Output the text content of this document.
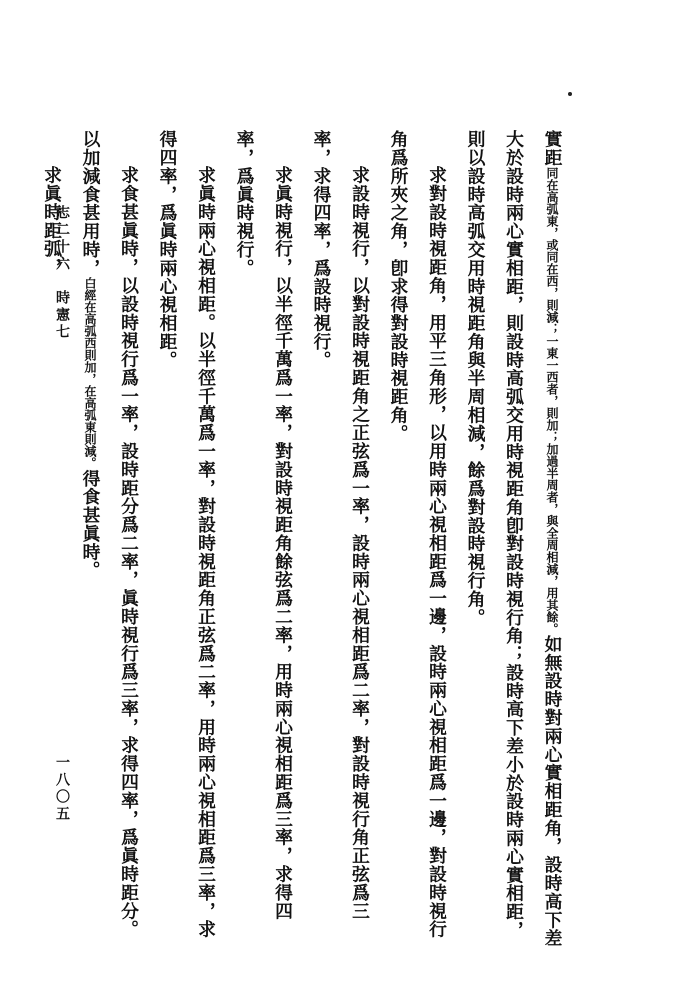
實距同在高弧東，或同在西，則減；一東一西者，則加；加過半周者，與全周相減，用其餘。如無設時對兩心實相距角，設時高下差大於設時兩心實相距，則設時高弧交用時視距角卽對設時視行角；設時高下差小於設時兩心實相距，則以設時高弧交用時視距角與半周相減，餘爲對設時視行角。
求對設時視距角，用平三角形，以用時兩心視相距爲一邊，設時兩心視相距爲一邊，對設時視行角爲所夾之角，卽求得對設時視距角。
求設時視行，以對設時視距角之正弦爲一率，設時兩心視相距爲二率，對設時視行角正弦爲三率，求得四率，爲設時視行。
求眞時視行，以半徑千萬爲一率，對設時視距角餘弦爲二率，用時兩心視相距爲三率，求得四率，爲眞時視行。
求眞時兩心視相距。以半徑千萬爲一率，對設時視距角正弦爲二率，用時兩心視相距爲三率，求得四率，爲眞時兩心視相距。
求食甚眞時，以設時視行爲一率，設時距分爲二率，眞時視行爲三率，求得四率，爲眞時距分。以加減食甚用時，白經在高弧西則加，在高弧東則減。得食甚眞時。
求眞時距弧，
志二十六　時憲七
一八〇五
